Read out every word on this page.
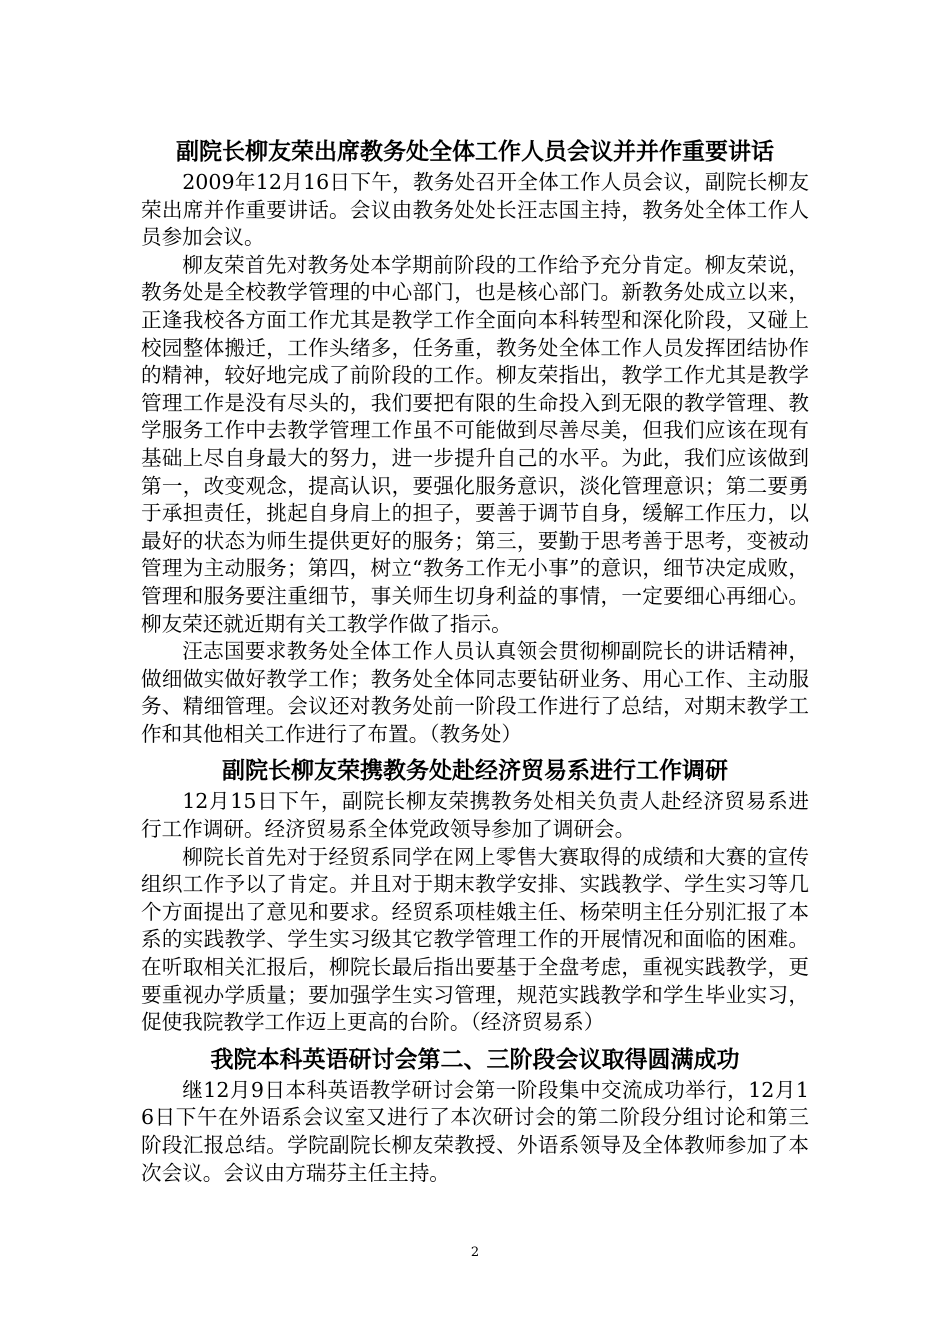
副院长柳友荣出席教务处全体工作人员会议并并作重要讲话

2009年12月16日下午，教务处召开全体工作人员会议，副院长柳友荣出席并作重要讲话。会议由教务处处长汪志国主持，教务处全体工作人员参加会议。

柳友荣首先对教务处本学期前阶段的工作给予充分肯定。柳友荣说，教务处是全校教学管理的中心部门，也是核心部门。新教务处成立以来，正逢我校各方面工作尤其是教学工作全面向本科转型和深化阶段，又碰上校园整体搬迁，工作头绪多，任务重，教务处全体工作人员发挥团结协作的精神，较好地完成了前阶段的工作。柳友荣指出，教学工作尤其是教学管理工作是没有尽头的，我们要把有限的生命投入到无限的教学管理、教学服务工作中去教学管理工作虽不可能做到尽善尽美，但我们应该在现有基础上尽自身最大的努力，进一步提升自己的水平。为此，我们应该做到第一，改变观念，提高认识，要强化服务意识，淡化管理意识；第二要勇于承担责任，挑起自身肩上的担子，要善于调节自身，缓解工作压力，以最好的状态为师生提供更好的服务；第三，要勤于思考善于思考，变被动管理为主动服务；第四，树立“教务工作无小事”的意识，细节决定成败，管理和服务要注重细节，事关师生切身利益的事情，一定要细心再细心。柳友荣还就近期有关工教学作做了指示。

汪志国要求教务处全体工作人员认真领会贯彻柳副院长的讲话精神，做细做实做好教学工作；教务处全体同志要钻研业务、用心工作、主动服务、精细管理。会议还对教务处前一阶段工作进行了总结，对期末教学工作和其他相关工作进行了布置。（教务处）

副院长柳友荣携教务处赴经济贸易系进行工作调研

12月15日下午，副院长柳友荣携教务处相关负责人赴经济贸易系进行工作调研。经济贸易系全体党政领导参加了调研会。

柳院长首先对于经贸系同学在网上零售大赛取得的成绩和大赛的宣传组织工作予以了肯定。并且对于期末教学安排、实践教学、学生实习等几个方面提出了意见和要求。经贸系项桂娥主任、杨荣明主任分别汇报了本系的实践教学、学生实习级其它教学管理工作的开展情况和面临的困难。在听取相关汇报后，柳院长最后指出要基于全盘考虑，重视实践教学，更要重视办学质量；要加强学生实习管理，规范实践教学和学生毕业实习，促使我院教学工作迈上更高的台阶。（经济贸易系）

我院本科英语研讨会第二、三阶段会议取得圆满成功

继12月9日本科英语教学研讨会第一阶段集中交流成功举行，12月16日下午在外语系会议室又进行了本次研讨会的第二阶段分组讨论和第三阶段汇报总结。学院副院长柳友荣教授、外语系领导及全体教师参加了本次会议。会议由方瑞芬主任主持。

2
